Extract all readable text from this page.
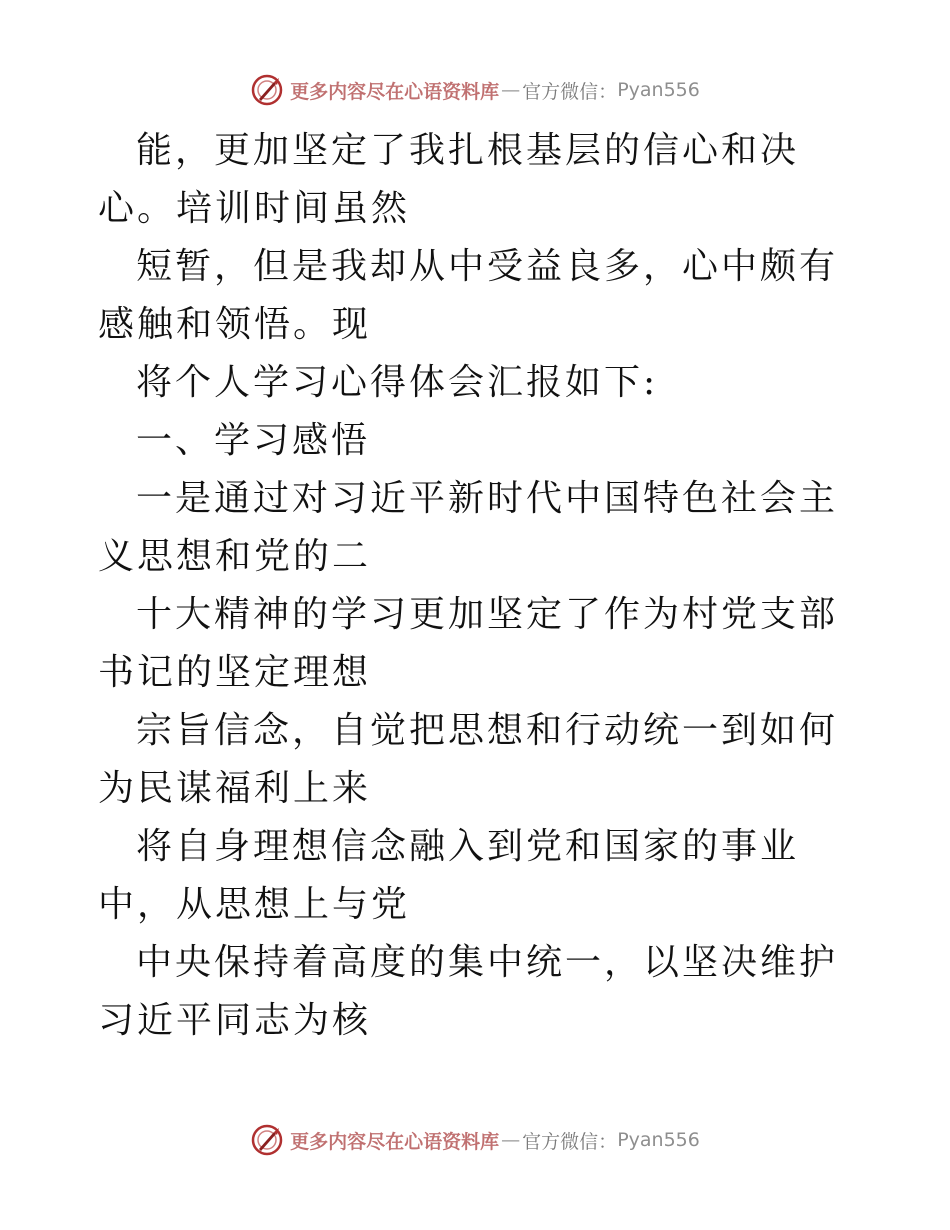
更多内容尽在心语资料库 — 官方微信： Pyan556

能，更加坚定了我扎根基层的信心和决心。培训时间虽然

短暂，但是我却从中受益良多，心中颇有感触和领悟。现

将个人学习心得体会汇报如下:

一、学习感悟

一是通过对习近平新时代中国特色社会主义思想和党的二

十大精神的学习更加坚定了作为村党支部书记的坚定理想

宗旨信念，自觉把思想和行动统一到如何为民谋福利上来

将自身理想信念融入到党和国家的事业中，从思想上与党

中央保持着高度的集中统一，以坚决维护习近平同志为核

更多内容尽在心语资料库 — 官方微信： Pyan556
